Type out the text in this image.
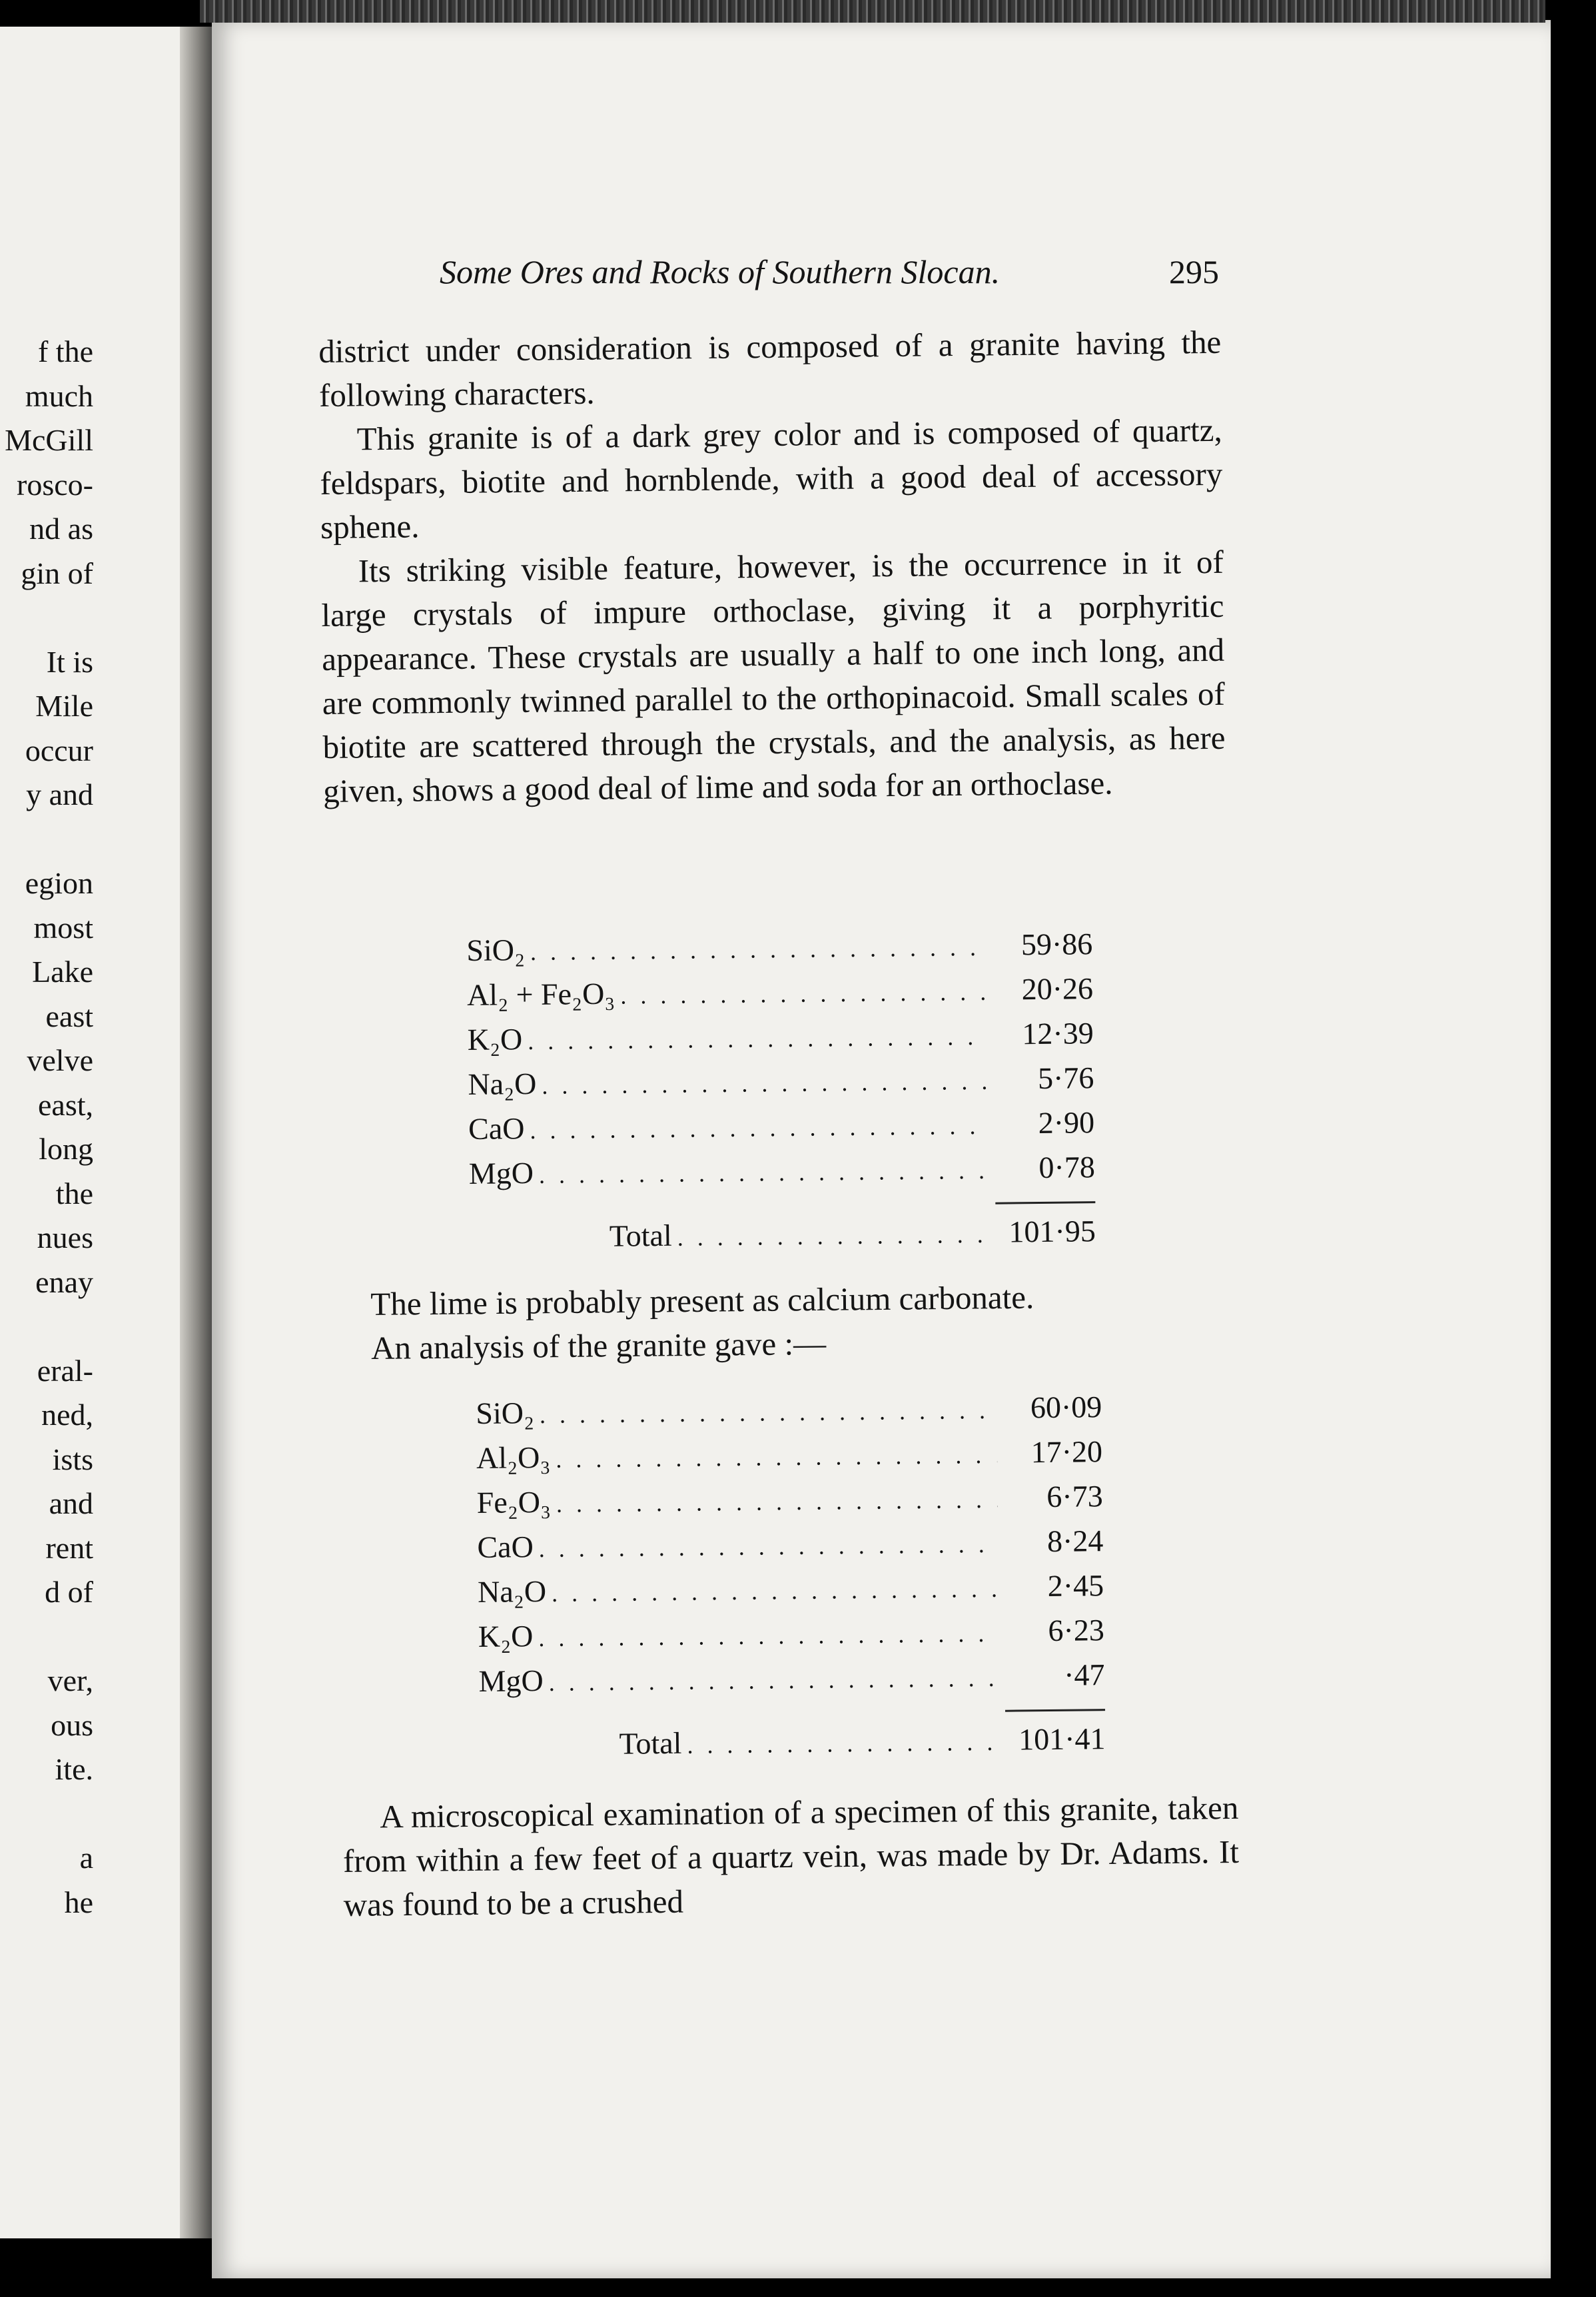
f the
much
McGill
rosco-
nd as
gin of
It is
Mile
occur
y and
egion
most
Lake
east
velve
east,
long
the
nues
enay
eral-
ned,
ists
and
rent
d of
ver,
ous
ite.
a
he
Some Ores and Rocks of Southern Slocan.	295

district under consideration is composed of a granite having the following characters.

This granite is of a dark grey color and is composed of quartz, feldspars, biotite and hornblende, with a good deal of accessory sphene.

Its striking visible feature, however, is the occurrence in it of large crystals of impure orthoclase, giving it a porphyritic appearance. These crystals are usually a half to one inch long, and are commonly twinned parallel to the orthopinacoid. Small scales of biotite are scattered through the crystals, and the analysis, as here given, shows a good deal of lime and soda for an orthoclase.

SiO₂ . . .	59·86
Al₂ + Fe₂O₃ . . .	20·26
K₂O . . .	12·39
Na₂O . . .	5·76
CaO . . .	2·90
MgO . . .	0·78
Total . . .	101·95

The lime is probably present as calcium carbonate.

An analysis of the granite gave :—

SiO₂ . . .	60·09
Al₂O₃ . . .	17·20
Fe₂O₃ . . .	6·73
CaO . . .	8·24
Na₂O . . .	2·45
K₂O . . .	6·23
MgO . . .	·47
Total . . .	101·41

A microscopical examination of a specimen of this granite, taken from within a few feet of a quartz vein, was made by Dr. Adams. It was found to be a crushed
